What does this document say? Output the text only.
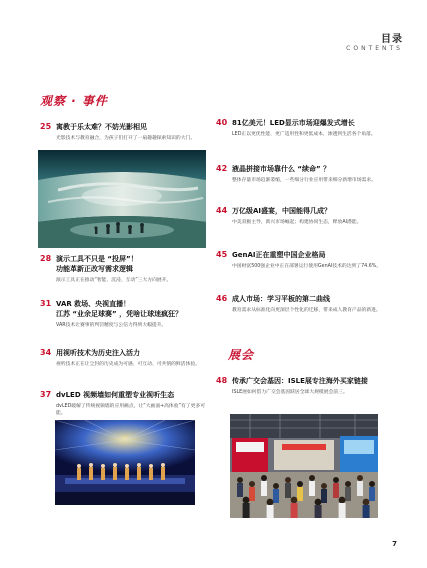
目录
CONTENTS
观察 · 事件
展会
25 寓教于乐太难？不妨光影相见
光影技术与教育融合，为孩子们打开了一扇趣趣探索知识的大门。
28 演示工具不只是 “投屏”！
功能革新正改写需求逻辑
演示工具正在推动“智能、沉浸、互动”三大方向展开。
31 VAR 救场、央视直播！
江苏 “业余足球赛” ，凭啥让球迷疯狂？
VAR技术让赛事的判罚精度与公信力得到大幅提升。
34 用视听技术为历史注入活力
视听技术正在让尘封的历史成为可感、可互动、可共情的鲜活体验。
37 dvLED 视频墙如何重塑专业视听生态
dvLED破解了传统视频墙的应用痛点，让“大画面+高体验”有了更多可能。
40 81亿美元！LED显示市场迎爆发式增长
LED正以更优性能、更广适用性和更低成本，渗透到生活各个角落。
42 液晶拼接市场靠什么 “续命” ？
整体存量市场趋渐萎缩，一些细分行业应用带来细分新增市场需求。
44 万亿级AI盛宴，中国能得几成？
中美双极主导，新兴市场崛起；构建协同生态，释放AI潜能。
45 GenAI正在重塑中国企业格局
中国财富500强企业中正在部署运行使用GenAI技术的达到了74.6%。
46 成人市场：学习平板的第二曲线
教育需求从标准化向更深层个性化的迁移，带来成人教育产品的新进。
48 传承广交会基因：ISLE展专注海外买家链接
ISLE展如何借力广交会基因跃居全球大规模展会前三。
7
